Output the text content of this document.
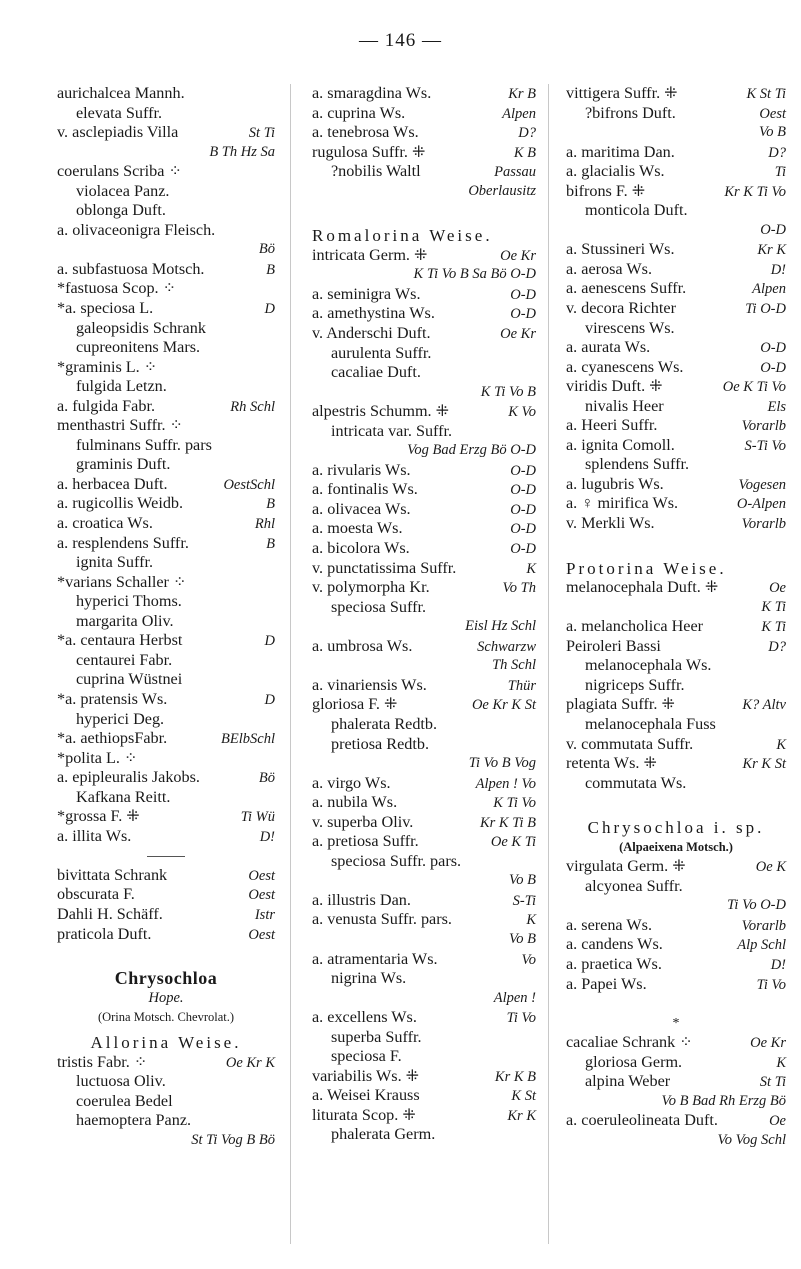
— 146 —
aurichalcea Mannh.
elevata Suffr.
v. asclepiadis Villa	St Ti
B Th Hz Sa
coerulans Scriba ⁘
violacea Panz.
oblonga Duft.
a. olivaceonigra Fleisch.
Bö
a. subfastuosa Motsch.	B
*fastuosa Scop. ⁘
*a. speciosa L.	D
galeopsidis Schrank
cupreonitens Mars.
*graminis L. ⁘
fulgida Letzn.
a. fulgida Fabr.	Rh Schl
menthastri Suffr. ⁘
fulminans Suffr. pars
graminis Duft.
a. herbacea Duft.	OestSchl
a. rugicollis Weidb.	B
a. croatica Ws.	Rhl
a. resplendens Suffr.	B
ignita Suffr.
*varians Schaller ⁘
hyperici Thoms.
margarita Oliv.
*a. centaura Herbst	D
centaurei Fabr.
cuprina Wüstnei
*a. pratensis Ws.	D
hyperici Deg.
*a. aethiopsFabr.	BElbSchl
*polita L. ⁘
a. epipleuralis Jakobs.	Bö
Kafkana Reitt.
*grossa F. ⁜	Ti Wü
a. illita Ws.	D!
bivittata Schrank	Oest
obscurata F.	Oest
Dahli H. Schäff.	Istr
praticola Duft.	Oest
Chrysochloa
Hope.
(Orina Motsch. Chevrolat.)
Allorina Weise.
tristis Fabr. ⁘	Oe Kr K
luctuosa Oliv.
coerulea Bedel
haemoptera Panz.
St Ti Vog B Bö
a. smaragdina Ws.	Kr B
a. cuprina Ws.	Alpen
a. tenebrosa Ws.	D?
rugulosa Suffr. ⁜	K B
?nobilis Waltl	Passau
Oberlausitz
Romalorina Weise.
intricata Germ. ⁜	Oe Kr
K Ti Vo B Sa Bö O-D
a. seminigra Ws.	O-D
a. amethystina Ws.	O-D
v. Anderschi Duft.	Oe Kr
aurulenta Suffr.
cacaliae Duft.
K Ti Vo B
alpestris Schumm. ⁜	K Vo
intricata var. Suffr.
Vog Bad Erzg Bö O-D
a. rivularis Ws.	O-D
a. fontinalis Ws.	O-D
a. olivacea Ws.	O-D
a. moesta Ws.	O-D
a. bicolora Ws.	O-D
v. punctatissima Suffr.	K
v. polymorpha Kr.	Vo Th
speciosa Suffr.
Eisl Hz Schl
a. umbrosa Ws.	Schwarzw
Th Schl
a. vinariensis Ws.	Thür
gloriosa F. ⁜	Oe Kr K St
phalerata Redtb.
pretiosa Redtb.
Ti Vo B Vog
a. virgo Ws.	Alpen ! Vo
a. nubila Ws.	K Ti Vo
v. superba Oliv.	Kr K Ti B
a. pretiosa Suffr.	Oe K Ti
speciosa Suffr. pars.
Vo B
a. illustris Dan.	S-Ti
a. venusta Suffr. pars.	K
Vo B
a. atramentaria Ws.	Vo
nigrina Ws.
Alpen !
a. excellens Ws.	Ti Vo
superba Suffr.
speciosa F.
variabilis Ws. ⁜	Kr K B
a. Weisei Krauss	K St
liturata Scop. ⁜	Kr K
phalerata Germ.
vittigera Suffr. ⁜	K St Ti
?bifrons Duft.	Oest
Vo B
a. maritima Dan.	D?
a. glacialis Ws.	Ti
bifrons F. ⁜	Kr K Ti Vo
monticola Duft.
O-D
a. Stussineri Ws.	Kr K
a. aerosa Ws.	D!
a. aenescens Suffr.	Alpen
v. decora Richter	Ti O-D
virescens Ws.
a. aurata Ws.	O-D
a. cyanescens Ws.	O-D
viridis Duft. ⁜	Oe K Ti Vo
nivalis Heer	Els
a. Heeri Suffr.	Vorarlb
a. ignita Comoll.	S-Ti Vo
splendens Suffr.
a. lugubris Ws.	Vogesen
a. ♀ mirifica Ws.	O-Alpen
v. Merkli Ws.	Vorarlb
Protorina Weise.
melanocephala Duft. ⁜	Oe
K Ti
a. melancholica Heer	K Ti
Peiroleri Bassi	D?
melanocephala Ws.
nigriceps Suffr.
plagiata Suffr. ⁜	K? Altv
melanocephala Fuss
v. commutata Suffr.	K
retenta Ws. ⁜	Kr K St
commutata Ws.
Chrysochloa i. sp.
(Alpaeixena Motsch.)
virgulata Germ. ⁜	Oe K
alcyonea Suffr.
Ti Vo O-D
a. serena Ws.	Vorarlb
a. candens Ws.	Alp Schl
a. praetica Ws.	D!
a. Papei Ws.	Ti Vo
*
cacaliae Schrank ⁘	Oe Kr
gloriosa Germ.	K
alpina Weber	St Ti
Vo B Bad Rh Erzg Bö
a. coeruleolineata Duft.	Oe
Vo Vog Schl
